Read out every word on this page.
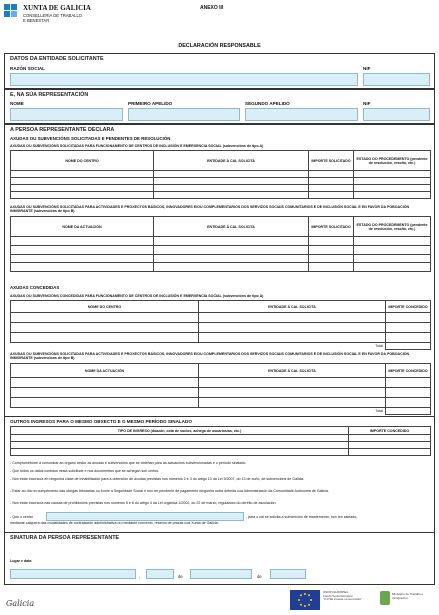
XUNTA DE GALICIA
CONSELLERÍA DE TRABALLO
E BENESTAR
ANEXO III
DECLARACIÓN RESPONSABLE
DATOS DA ENTIDADE SOLICITANTE
RAZÓN SOCIAL	NIF
E, NA SÚA REPRESENTACIÓN
NOME	PRIMEIRO APELIDO	SEGUNDO APELIDO	NIF
A PERSOA REPRESENTANTE DECLARA
AXUDAS OU SUBVENCIÓNS SOLICITADAS E PENDENTES DE RESOLUCIÓN
AXUDAS OU SUBVENCIÓNS SOLICITADAS PARA FUNCIONAMENTO DE CENTROS DE INCLUSIÓN E EMERXENCIA SOCIAL (subvencións de tipo A)
NOME DO CENTRO	ENTIDADE Á CAL SOLICITA	IMPORTE SOLICITADO	ESTADO DO PROCEDEMENTO (pendente de resolución, resolto, etc.)

AXUDAS OU SUBVENCIÓNS SOLICITADAS PARA ACTIVIDADES E PROXECTOS BÁSICOS, INNOVADORES E/OU COMPLEMENTARIOS DOS SERVIZOS SOCIAIS COMUNITARIOS E DE INCLUSIÓN SOCIAL E EN FAVOR DA POBOACIÓN INMIGRANTE (subvencións de tipo B)
NOME DA ACTUACIÓN	ENTIDADE Á CAL SOLICITA	IMPORTE SOLICITADO	ESTADO DO PROCEDEMENTO (pendente de resolución, resolto, etc.)

AXUDAS CONCEDIDAS
AXUDAS OU SUBVENCIÓNS CONCEDIDAS PARA FUNCIONAMENTO DE CENTROS DE INCLUSIÓN E EMERXENCIA SOCIAL (subvencións de tipo A)
NOME DO CENTRO	ENTIDADE Á CAL SOLICITA	IMPORTE CONCEDIDO

	Total	
AXUDAS OU SUBVENCIÓNS SOLICITADAS PARA ACTIVIDADES E PROXECTOS BÁSICOS, INNOVADORES E/OU COMPLEMENTARIOS DOS SERVIZOS SOCIAIS COMUNITARIOS E DE INCLUSIÓN SOCIAL E EN FAVOR DA POBOACIÓN INMIGRANTE (subvencións de tipo B)
NOME DA ACTUACIÓN	ENTIDADE Á CAL SOLICITA	IMPORTE CONCEDIDO

	Total	
OUTROS INGRESOS PARA O MESMO OBXECTO E O MESMO PERÍODO SINALADO
TIPO DE INGRESO (doazón, cota de socios, achega de usuarios/as, etc.)	IMPORTE CONCEDIDO

- Comprométome a comunicar ao órgano xestor as axudas e subvencións que se obteñan para as actuacións subvencionadas e o período sinalado.
- Que todos os datos contidos nesta solicitude e nos documentos que se achegan son certos.
- Non estar incurso/a en ningunha clase de inhabilitación para a obtención de axudas previstas nos números 2 e 3 do artigo 10 da Lei 9/2007, do 13 de xuño, de subvencións de Galicia.
- Estar ao día no cumprimento das obrigas tributarias ou fronte á Seguridade Social e non ter pendente de pagamento ningunha outra débeda coa Administración da Comunidade Autónoma de Galicia.
- Non estar incurso/a nas causas de prohibicións previstas nos números 5 e 6 do artigo 4 da Lei orgánica 1/2002, do 22 de marzo, reguladora do dereito de asociación.
- Que o centro	, para o cal se solicita a subvención de mantemento, non ten asinado,
mediante calquera das modalidades de contratación administrativa ou mediante convenio, reserva de prazas coa Xunta de Galicia.
SINATURA DA PERSOA REPRESENTANTE
Lugar e data
,	de	de
Galicia
UNIÓN EUROPEA
Fondo Social Europeo
"O FSE investe no teu futuro"
Ministerio de Traballo e Inmigración
